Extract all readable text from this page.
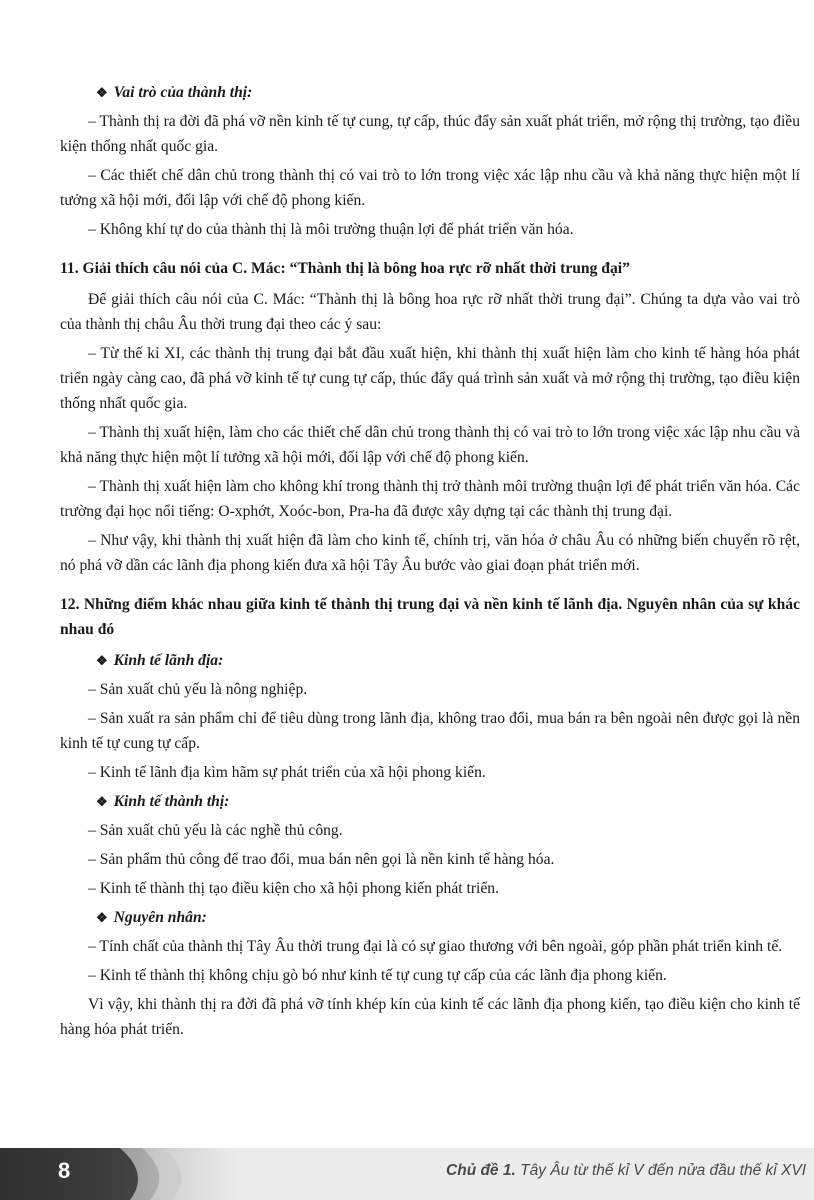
❖ Vai trò của thành thị:

– Thành thị ra đời đã phá vỡ nền kinh tế tự cung, tự cấp, thúc đẩy sản xuất phát triển, mở rộng thị trường, tạo điều kiện thống nhất quốc gia.

– Các thiết chế dân chủ trong thành thị có vai trò to lớn trong việc xác lập nhu cầu và khả năng thực hiện một lí tưởng xã hội mới, đối lập với chế độ phong kiến.

– Không khí tự do của thành thị là môi trường thuận lợi để phát triển văn hóa.

11. Giải thích câu nói của C. Mác: “Thành thị là bông hoa rực rỡ nhất thời trung đại”

Để giải thích câu nói của C. Mác: “Thành thị là bông hoa rực rỡ nhất thời trung đại”. Chúng ta dựa vào vai trò của thành thị châu Âu thời trung đại theo các ý sau:

– Từ thế kỉ XI, các thành thị trung đại bắt đầu xuất hiện, khi thành thị xuất hiện làm cho kinh tế hàng hóa phát triển ngày càng cao, đã phá vỡ kinh tế tự cung tự cấp, thúc đẩy quá trình sản xuất và mở rộng thị trường, tạo điều kiện thống nhất quốc gia.

– Thành thị xuất hiện, làm cho các thiết chế dân chủ trong thành thị có vai trò to lớn trong việc xác lập nhu cầu và khả năng thực hiện một lí tưởng xã hội mới, đối lập với chế độ phong kiến.

– Thành thị xuất hiện làm cho không khí trong thành thị trở thành môi trường thuận lợi để phát triển văn hóa. Các trường đại học nổi tiếng: O-xphớt, Xoóc-bon, Pra-ha đã được xây dựng tại các thành thị trung đại.

– Như vậy, khi thành thị xuất hiện đã làm cho kinh tế, chính trị, văn hóa ở châu Âu có những biến chuyển rõ rệt, nó phá vỡ dần các lãnh địa phong kiến đưa xã hội Tây Âu bước vào giai đoạn phát triển mới.

12. Những điểm khác nhau giữa kinh tế thành thị trung đại và nền kinh tế lãnh địa. Nguyên nhân của sự khác nhau đó
❖ Kinh tế lãnh địa:

– Sản xuất chủ yếu là nông nghiệp.

– Sản xuất ra sản phẩm chỉ để tiêu dùng trong lãnh địa, không trao đổi, mua bán ra bên ngoài nên được gọi là nền kinh tế tự cung tự cấp.

– Kinh tế lãnh địa kìm hãm sự phát triển của xã hội phong kiến.

❖ Kinh tế thành thị:

– Sản xuất chủ yếu là các nghề thủ công.

– Sản phẩm thủ công để trao đổi, mua bán nên gọi là nền kinh tế hàng hóa.

– Kinh tế thành thị tạo điều kiện cho xã hội phong kiến phát triển.

❖ Nguyên nhân:

– Tính chất của thành thị Tây Âu thời trung đại là có sự giao thương với bên ngoài, góp phần phát triển kinh tế.

– Kinh tế thành thị không chịu gò bó như kinh tế tự cung tự cấp của các lãnh địa phong kiến.

Vì vậy, khi thành thị ra đời đã phá vỡ tính khép kín của kinh tế các lãnh địa phong kiến, tạo điều kiện cho kinh tế hàng hóa phát triển.

8	Chủ đề 1. Tây Âu từ thế kỉ V đến nửa đầu thế kỉ XVI
